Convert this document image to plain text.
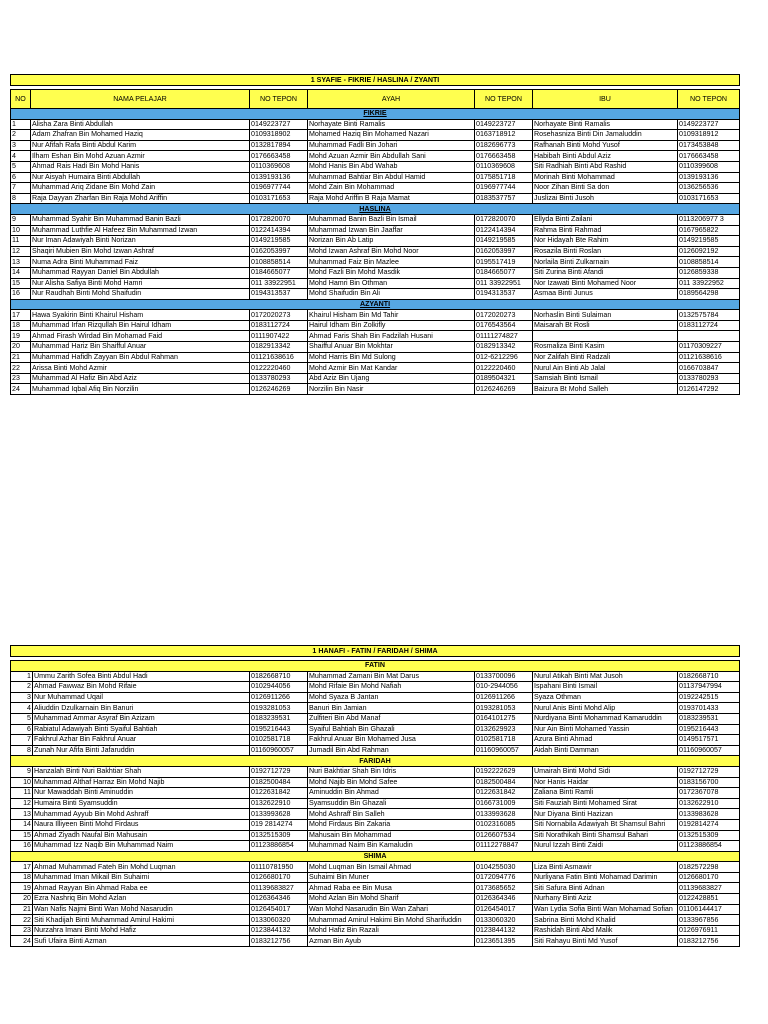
1 SYAFIE - FIKRIE / HASLINA / ZYANTI						

NO	NAMA PELAJAR	NO TEPON	AYAH	NO TEPON	IBU	NO TEPON
FIKRIE						
1	Alisha Zara Binti Abdullah	0149223727	Norhayate Binti Ramalis	0149223727	Norhayate Binti Ramalis	0149223727
2	Adam Zhafran Bin Mohamed Haziq	0109318902	Mohamed Haziq Bin Mohamed Nazari	0163718912	Rosehasniza Binti Din Jamaluddin	0109318912
3	Nur Afifah Rafa Binti Abdul Karim	0132817894	Muhammad Fadli Bin Johari	0182696773	Rafhanah Binti Mohd Yusof	0173453848
4	Ilham Eshan Bin Mohd Azuan Azmir	0176663458	Mohd Azuan Azmir Bin Abdullah Sani	0176663458	Habibah Binti Abdul Aziz	0176663458
5	Ahmad Rais Hadi Bin Mohd Hanis	0110369608	Mohd Hanis Bin Abd Wahab	0110369608	Siti Radhiah Binti Abd Rashid	0110399608
6	Nur Aisyah Humaira Binti Abdullah	0139193136	Muhammad Bahtiar Bin Abdul Hamid	0175851718	Morinah Binti Mohammad	0139193136
7	Muhammad Ariq Zidane Bin Mohd Zain	0196977744	Mohd Zain Bin Mohammad	0196977744	Noor Zihan Binti Sa don	0136256536
8	Raja Dayyan Zharfan Bin Raja Mohd Ariffin	0103171653	Raja Mohd Ariffin B Raja Mamat	0183537757	Juslizai Binti Jusoh	0103171653
HASLINA						
9	Muhammad Syahir Bin Muhammad Banin Bazli	0172820070	Muhammad Banin Bazli Bin Ismail	0172820070	Ellyda Binti Zailani	0113206977 3
10	Muhammad Luthfie Al Hafeez Bin Muhammad Izwan	0122414394	Muhammad Izwan Bin Jaaffar	0122414394	Rahma Binti Rahmad	0167965822
11	Nur Iman Adawiyah Binti Norizan	0149219585	Norizan Bin Ab Latip	0149219585	Nor Hidayah Bte Rahim	0149219585
12	Shaqiri Mubien Bin Mohd Izwan Ashraf	0162053997	Mohd Izwan Ashraf Bin Mohd Noor	0162053997	Rosazila Binti Roslan	0126092192
13	Numa Adra Binti Muhammad Faiz	0108858514	Muhammad Faiz Bin Mazlee	0195517419	Norlaila Binti Zulkarnain	0108858514
14	Muhammad Rayyan Daniel Bin Abdullah	0184665077	Mohd Fazli Bin Mohd Masdik	0184665077	Siti Zurina Binti Afandi	0126859338
15	Nur Alisha Safiya Binti Mohd Hamri	011 33922951	Mohd Hamri Bin Othman	011 33922951	Nor Izawati Binti Mohamed Noor	011 33922952
16	Nur Raudhah Binti Mohd Shaifudin	0194313537	Mohd Shaifudin Bin Ali	0194313537	Asmaa Binti Junus	0189564298
AZYANTI						
17	Hawa Syakirin Binti Khairul Hisham	0172020273	Khairul Hisham Bin Md Tahir	0172020273	Norhaslin Binti Sulaiman	0132575784
18	Muhammad Irfan Rizqullah Bin Hairul Idham	0183112724	Hairul Idham Bin Zolkifly	0176543564	Maisarah Bt Rosli	0183112724
19	Ahmad Firash Wirdad Bin Mohamad Faid	0111907422	Ahmad Faris Shah Bin Fadzilah Husani	01111274827		
20	Muhammad Hariz Bin Shaifful Anuar	0182913342	Shaifful Anuar Bin Mokhtar	0182913342	Rosmaliza Binti Kasim	01170309227
21	Muhammad Hafidh Zayyan Bin Abdul Rahman	01121638616	Mohd Harris Bin Md Sulong	012-6212296	Nor Zalifah Binti Radzali	01121638616
22	Arissa Binti Mohd Azmir	0122220460	Mohd Azmir Bin Mat Kandar	0122220460	Nurul Ain Binti Ab Jalal	0166703847
23	Muhammad Al Hafiz Bin Abd Aziz	0133780293	Abd Aziz Bin Ujang	0189504321	Samsiah Binti Ismail	0133780293
24	Muhammad Iqbal Afiq Bin Norzilin	0126246269	Norzilin Bin Nasir	0126246269	Baizura Bt Mohd Salleh	0126147292
1 HANAFI - FATIN / FARIDAH / SHIMA						

FATIN						
1	Ummu Zarith Sofea Binti Abdul Hadi	0182668710	Muhammad Zamani Bin Mat Darus	0133700096	Nurul Atikah Binti Mat Jusoh	0182668710
2	Ahmad Fawwaz Bin Mohd Rifaie	0102944056	Mohd Rifaie Bin Mohd Nafiah	010-2944056	Ispahani Binti Ismail	01137947994
3	Nur Muhammad Uqail	0126911266	Mohd Syaza B Jantan	0126911266	Syaza Othman	0192242515
4	Aliuddin Dzulkarnain Bin Banuri	0193281053	Banuri Bin Jamian	0193281053	Nurul Anis Binti Mohd Alip	0193701433
5	Muhammad Ammar Asyraf Bin Azizam	0183239531	Zulfiteri Bin Abd Manaf	0164101275	Nurdiyana Binti Mohammad Kamaruddin	0183239531
6	Rabiatul Adawiyah Binti Syaiful Bahtiah	0195216443	Syaiful Bahtiah Bin Ghazali	0132629923	Nur Ain Binti Mohamed Yassin	0195216443
7	Fakhrul Azhar Bin Fakhrul Anuar	0102581718	Fakhrul Anuar Bin Mohamed Jusa	0102581718	Azura Binti Ahmad	0149517571
8	Zunah Nur Afifa Binti Jafaruddin	01160960057	Jumadil Bin Abd Rahman	01160960057	Aidah Binti Damman	01160960057
FARIDAH						
9	Hanzalah Binti Nuri Bakhtiar Shah	0192712729	Nuri Bakhtiar Shah Bin Idris	0192222629	Umairah Binti Mohd Sidi	0192712729
10	Muhammad Althaf Harraz Bin Mohd Najib	0182500484	Mohd Najib Bin Mohd Safee	0182500484	Nor Hanis Haidar	0183156700
11	Nur Mawaddah Binti Aminuddin	0122631842	Aminuddin Bin Ahmad	0122631842	Zaliana Binti Ramli	0172367078
12	Humaira Binti Syamsuddin	0132622910	Syamsuddin Bin Ghazali	0166731009	Siti Fauziah Binti Mohamed Sirat	0132622910
13	Muhammad Ayyub Bin Mohd Ashraff	0133993628	Mohd Ashraff Bin Salleh	0133993628	Nur Diyana Binti Hazizan	0133983628
14	Naura Illiyeen Binti Mohd Firdaus	019 2814274	Mohd Firdaus Bin Zakaria	0102316085	Siti Nornabila Adawiyah Bt Shamsul Bahri	0192814274
15	Ahmad Ziyadh Naufal Bin Mahusain	0132515309	Mahusain Bin Mohammad	0126607534	Siti Norathikah Binti Shamsul Bahari	0132515309
16	Muhammad Izz Naqib Bin Muhammad Naim	01123886854	Muhammad Naim Bin Kamaludin	01112278847	Nurul Izzah Binti Zaidi	01123886854
SHIMA						
17	Ahmad Muhammad Fateh Bin Mohd Luqman	01110781950	Mohd Luqman Bin Ismail Ahmad	0104255030	Liza Binti Asmawir	0182572298
18	Muhammad Iman Mikail Bin Suhaimi	0126680170	Suhaimi Bin Muner	0172094776	Nurliyana Fatin Binti Mohamad Darimin	0126680170
19	Ahmad Rayyan Bin Ahmad Raba ee	01139683827	Ahmad Raba ee Bin Musa	0173685652	Siti Safura Binti Adnan	01139683827
20	Ezra Nashriq Bin Mohd Azlan	0126364346	Mohd Azlan Bin Mohd Sharif	0126364346	Nurhany Binti Aziz	0122428851
21	Wan Nafis Najmi Binti Wan Mohd Nasarudin	0126454017	Wan Mohd Nasarudin Bin Wan Zahari	0126454017	Wan Lydia Sofia Binti Wan Mohamad Sofian	01106144417
22	Siti Khadijah Binti Muhammad Amirul Hakimi	0133060320	Muhammad Amirul Hakimi Bin Mohd Sharifuddin	0133060320	Sabrina Binti Mohd Khalid	0133967856
23	Nurzahra Imani Binti Mohd Hafiz	0123844132	Mohd Hafiz Bin Razali	0123844132	Rashidah Binti Abd Malik	0126976911
24	Sufi Ufaira Binti Azman	0183212756	Azman Bin Ayub	0123651395	Siti Rahayu Binti Md Yusof	0183212756
